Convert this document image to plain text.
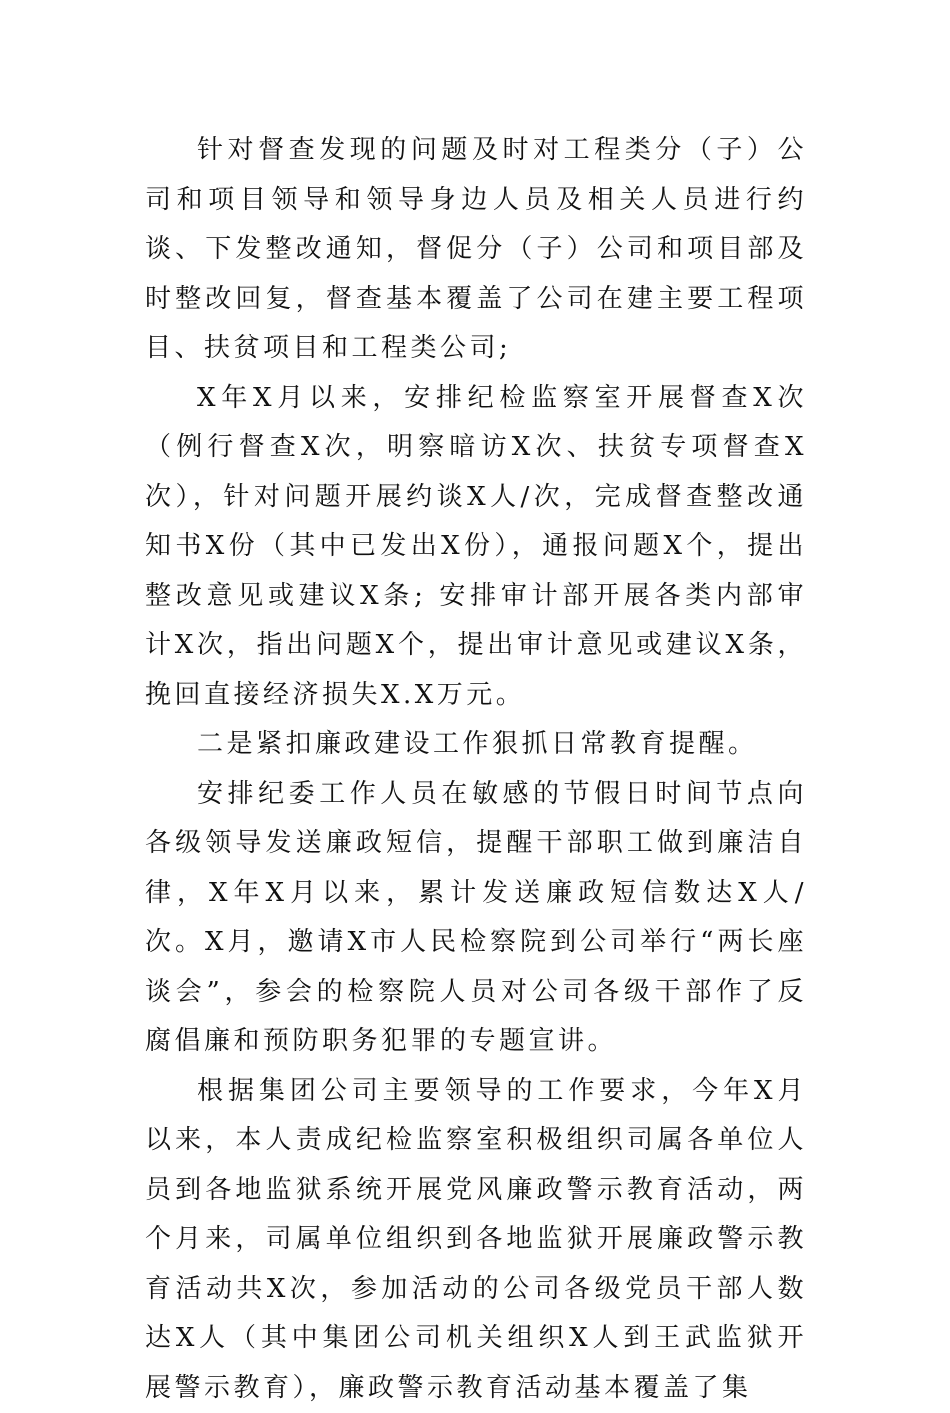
针对督查发现的问题及时对工程类分（子）公司和项目领导和领导身边人员及相关人员进行约谈、下发整改通知，督促分（子）公司和项目部及时整改回复，督查基本覆盖了公司在建主要工程项目、扶贫项目和工程类公司;

X年X月以来，安排纪检监察室开展督查X次（例行督查X次，明察暗访X次、扶贫专项督查X次），针对问题开展约谈X人/次，完成督查整改通知书X份（其中已发出X份），通报问题X个，提出整改意见或建议X条; 安排审计部开展各类内部审计X次，指出问题X个，提出审计意见或建议X条，挽回直接经济损失X.X万元。

二是紧扣廉政建设工作狠抓日常教育提醒。

安排纪委工作人员在敏感的节假日时间节点向各级领导发送廉政短信，提醒干部职工做到廉洁自律，X年X月以来，累计发送廉政短信数达X人/次。X月，邀请X市人民检察院到公司举行“两长座谈会”，参会的检察院人员对公司各级干部作了反腐倡廉和预防职务犯罪的专题宣讲。

根据集团公司主要领导的工作要求，今年X月以来，本人责成纪检监察室积极组织司属各单位人员到各地监狱系统开展党风廉政警示教育活动，两个月来，司属单位组织到各地监狱开展廉政警示教育活动共X次，参加活动的公司各级党员干部人数达X人（其中集团公司机关组织X人到王武监狱开展警示教育），廉政警示教育活动基本覆盖了集
